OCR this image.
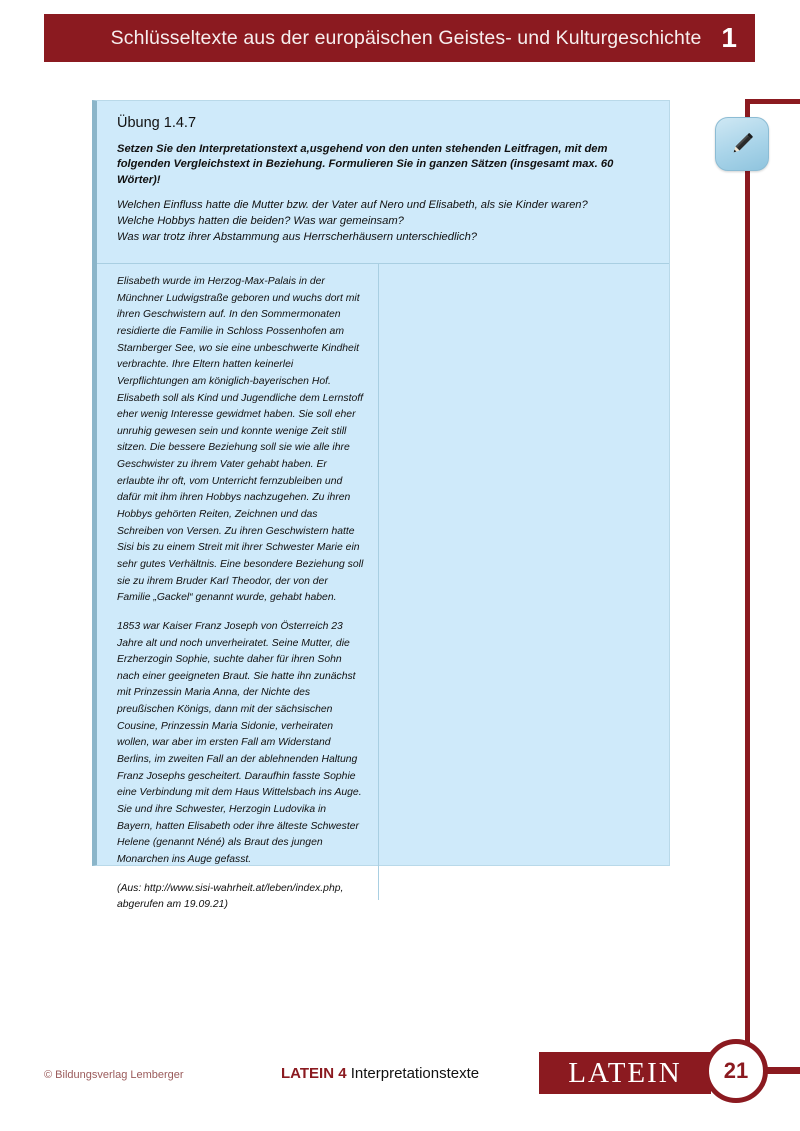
Schlüsseltexte aus der europäischen Geistes- und Kulturgeschichte 1
Übung 1.4.7

Setzen Sie den Interpretationstext a,usgehend von den unten stehenden Leitfragen, mit dem folgenden Vergleichstext in Beziehung. Formulieren Sie in ganzen Sätzen (insgesamt max. 60 Wörter)!

Welchen Einfluss hatte die Mutter bzw. der Vater auf Nero und Elisabeth, als sie Kinder waren?
Welche Hobbys hatten die beiden? Was war gemeinsam?
Was war trotz ihrer Abstammung aus Herrscherhäusern unterschiedlich?

Elisabeth wurde im Herzog-Max-Palais in der Münchner Ludwigstraße geboren und wuchs dort mit ihren Geschwistern auf. In den Sommermonaten residierte die Familie in Schloss Possenhofen am Starnberger See, wo sie eine unbeschwerte Kindheit verbrachte. Ihre Eltern hatten keinerlei Verpflichtungen am königlich-bayerischen Hof. Elisabeth soll als Kind und Jugendliche dem Lernstoff eher wenig Interesse gewidmet haben. Sie soll eher unruhig gewesen sein und konnte wenige Zeit still sitzen. Die bessere Beziehung soll sie wie alle ihre Geschwister zu ihrem Vater gehabt haben. Er erlaubte ihr oft, vom Unterricht fernzubleiben und dafür mit ihm ihren Hobbys nachzugehen. Zu ihren Hobbys gehörten Reiten, Zeichnen und das Schreiben von Versen. Zu ihren Geschwistern hatte Sisi bis zu einem Streit mit ihrer Schwester Marie ein sehr gutes Verhältnis. Eine besondere Beziehung soll sie zu ihrem Bruder Karl Theodor, der von der Familie „Gackel“ genannt wurde, gehabt haben.

1853 war Kaiser Franz Joseph von Österreich 23 Jahre alt und noch unverheiratet. Seine Mutter, die Erzherzogin Sophie, suchte daher für ihren Sohn nach einer geeigneten Braut. Sie hatte ihn zunächst mit Prinzessin Maria Anna, der Nichte des preußischen Königs, dann mit der sächsischen Cousine, Prinzessin Maria Sidonie, verheiraten wollen, war aber im ersten Fall am Widerstand Berlins, im zweiten Fall an der ablehnenden Haltung Franz Josephs gescheitert. Daraufhin fasste Sophie eine Verbindung mit dem Haus Wittelsbach ins Auge. Sie und ihre Schwester, Herzogin Ludovika in Bayern, hatten Elisabeth oder ihre älteste Schwester Helene (genannt Néné) als Braut des jungen Monarchen ins Auge gefasst.

(Aus: http://www.sisi-wahrheit.at/leben/index.php, abgerufen am 19.09.21)

© Bildungsverlag Lemberger	LATEIN 4 Interpretationstexte	LATEIN 21
